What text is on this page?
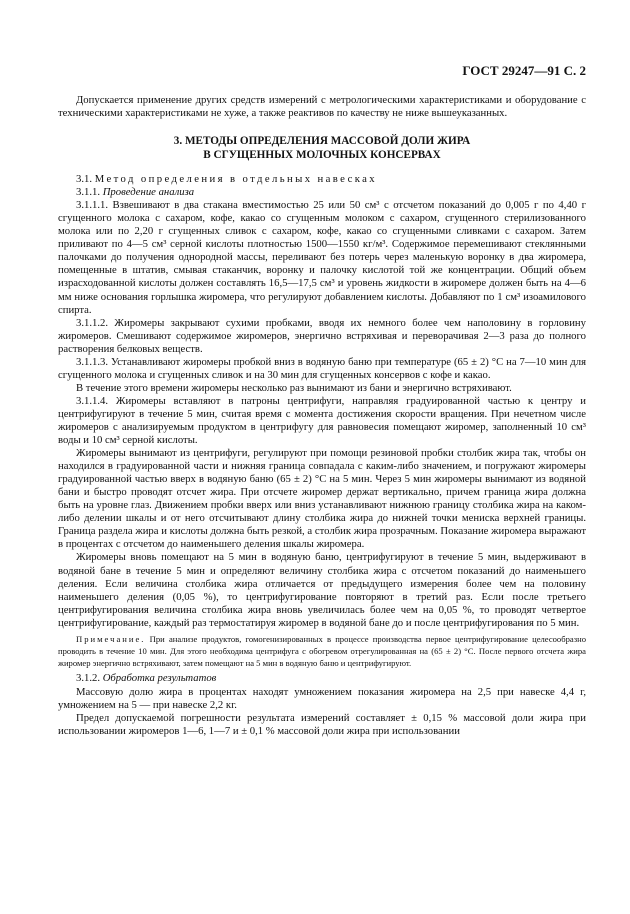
ГОСТ 29247—91 С. 2

Допускается применение других средств измерений с метрологическими характеристиками и оборудование с техническими характеристиками не хуже, а также реактивов по качеству не ниже вышеуказанных.

3. МЕТОДЫ ОПРЕДЕЛЕНИЯ МАССОВОЙ ДОЛИ ЖИРА
В СГУЩЕННЫХ МОЛОЧНЫХ КОНСЕРВАХ

3.1. Метод определения в отдельных навесках

3.1.1. Проведение анализа

3.1.1.1. Взвешивают в два стакана вместимостью 25 или 50 см³ с отсчетом показаний до 0,005 г по 4,40 г сгущенного молока с сахаром, кофе, какао со сгущенным молоком с сахаром, сгущенного стерилизованного молока или по 2,20 г сгущенных сливок с сахаром, кофе, какао со сгущенными сливками с сахаром. Затем приливают по 4—5 см³ серной кислоты плотностью 1500—1550 кг/м³. Содержимое перемешивают стеклянными палочками до получения однородной массы, переливают без потерь через маленькую воронку в два жиромера, помещенные в штатив, смывая стаканчик, воронку и палочку кислотой той же концентрации. Общий объем израсходованной кислоты должен составлять 16,5—17,5 см³ и уровень жидкости в жиромере должен быть на 4—6 мм ниже основания горлышка жиромера, что регулируют добавлением кислоты. Добавляют по 1 см³ изоамилового спирта.

3.1.1.2. Жиромеры закрывают сухими пробками, вводя их немного более чем наполовину в горловину жиромеров. Смешивают содержимое жиромеров, энергично встряхивая и переворачивая 2—3 раза до полного растворения белковых веществ.

3.1.1.3. Устанавливают жиромеры пробкой вниз в водяную баню при температуре (65 ± 2) °С на 7—10 мин для сгущенного молока и сгущенных сливок и на 30 мин для сгущенных консервов с кофе и какао.

В течение этого времени жиромеры несколько раз вынимают из бани и энергично встряхивают.

3.1.1.4. Жиромеры вставляют в патроны центрифуги, направляя градуированной частью к центру и центрифугируют в течение 5 мин, считая время с момента достижения скорости вращения. При нечетном числе жиромеров с анализируемым продуктом в центрифугу для равновесия помещают жиромер, заполненный 10 см³ воды и 10 см³ серной кислоты.

Жиромеры вынимают из центрифуги, регулируют при помощи резиновой пробки столбик жира так, чтобы он находился в градуированной части и нижняя граница совпадала с каким-либо значением, и погружают жиромеры градуированной частью вверх в водяную баню (65 ± 2) °С на 5 мин. Через 5 мин жиромеры вынимают из водяной бани и быстро проводят отсчет жира. При отсчете жиромер держат вертикально, причем граница жира должна быть на уровне глаз. Движением пробки вверх или вниз устанавливают нижнюю границу столбика жира на каком-либо делении шкалы и от него отсчитывают длину столбика жира до нижней точки мениска верхней границы. Граница раздела жира и кислоты должна быть резкой, а столбик жира прозрачным. Показание жиромера выражают в процентах с отсчетом до наименьшего деления шкалы жиромера.

Жиромеры вновь помещают на 5 мин в водяную баню, центрифугируют в течение 5 мин, выдерживают в водяной бане в течение 5 мин и определяют величину столбика жира с отсчетом показаний до наименьшего деления. Если величина столбика жира отличается от предыдущего измерения более чем на половину наименьшего деления (0,05 %), то центрифугирование повторяют в третий раз. Если после третьего центрифугирования величина столбика жира вновь увеличилась более чем на 0,05 %, то проводят четвертое центрифугирование, каждый раз термостатируя жиромер в водяной бане до и после центрифугирования по 5 мин.

Примечание. При анализе продуктов, гомогенизированных в процессе производства первое центрифугирование целесообразно проводить в течение 10 мин. Для этого необходима центрифуга с обогревом отрегулированная на (65 ± 2) °С. После первого отсчета жира жиромер энергично встряхивают, затем помещают на 5 мин в водяную баню и центрифугируют.

3.1.2. Обработка результатов

Массовую долю жира в процентах находят умножением показания жиромера на 2,5 при навеске 4,4 г, умножением на 5 — при навеске 2,2 кг.

Предел допускаемой погрешности результата измерений составляет ± 0,15 % массовой доли жира при использовании жиромеров 1—6, 1—7 и ± 0,1 % массовой доли жира при использовании
